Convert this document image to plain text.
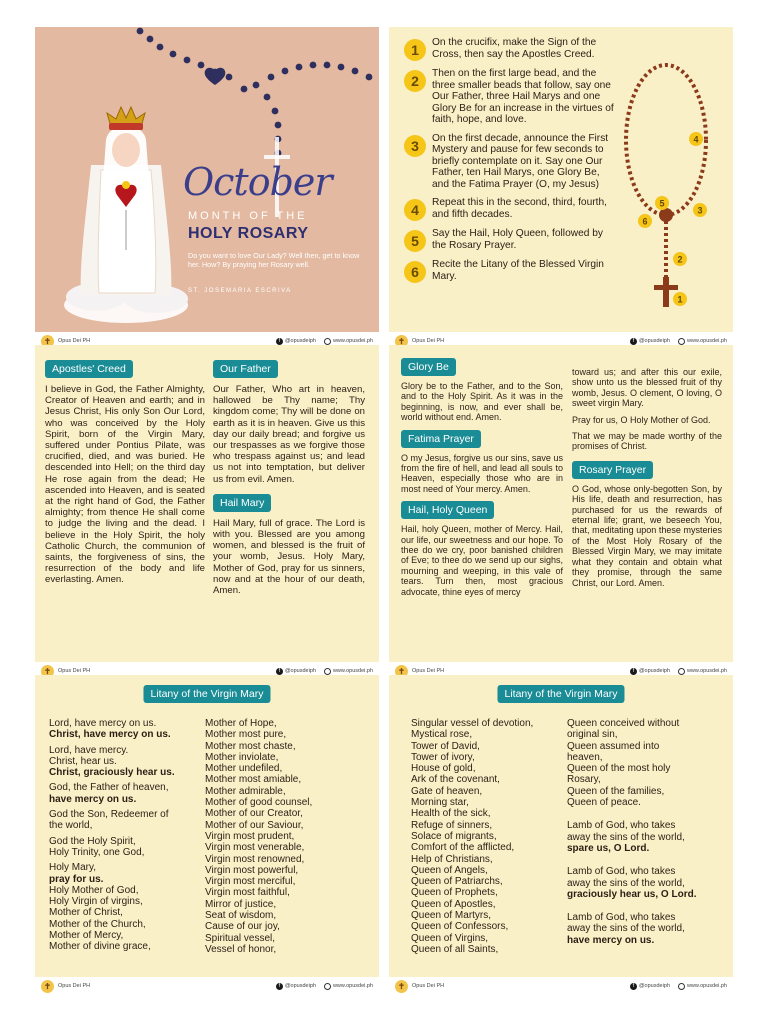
October
MONTH OF THE
HOLY ROSARY
Do you want to love Our Lady? Well then, get to know her. How? By praying her Rosary well.
ST. JOSEMARIA ESCRIVA
✝	Opus Dei PH	f @opusdeiph	www.opusdei.ph
1	On the crucifix, make the Sign of the Cross, then say the Apostles Creed.
2	Then on the first large bead, and the three smaller beads that follow, say one Our Father, three Hail Marys and one Glory Be for an increase in the virtues of faith, hope, and love.
3	On the first decade, announce the First Mystery and pause for few seconds to briefly contemplate on it. Say one Our Father, ten Hail Marys, one Glory Be, and the Fatima Prayer (O, my Jesus)
4	Repeat this in the second, third, fourth, and fifth decades.
5	Say the Hail, Holy Queen, followed by the Rosary Prayer.
6	Recite the Litany of the Blessed Virgin Mary.
4
5
3
6
2
1
✝	Opus Dei PH	f @opusdeiph	www.opusdei.ph
Apostles' Creed
I believe in God, the Father Almighty, Creator of Heaven and earth; and in Jesus Christ, His only Son Our Lord, who was conceived by the Holy Spirit, born of the Virgin Mary, suffered under Pontius Pilate, was crucified, died, and was buried. He descended into Hell; on the third day He rose again from the dead; He ascended into Heaven, and is seated at the right hand of God, the Father almighty; from thence He shall come to judge the living and the dead. I believe in the Holy Spirit, the holy Catholic Church, the communion of saints, the forgiveness of sins, the resurrection of the body and life everlasting. Amen.
Our Father
Our Father, Who art in heaven, hallowed be Thy name; Thy kingdom come; Thy will be done on earth as it is in heaven. Give us this day our daily bread; and forgive us our trespasses as we forgive those who trespass against us; and lead us not into temptation, but deliver us from evil. Amen.
Hail Mary
Hail Mary, full of grace. The Lord is with you. Blessed are you among women, and blessed is the fruit of your womb, Jesus. Holy Mary, Mother of God, pray for us sinners, now and at the hour of our death, Amen.
✝	Opus Dei PH	f @opusdeiph	www.opusdei.ph
Glory Be
Glory be to the Father, and to the Son, and to the Holy Spirit. As it was in the beginning, is now, and ever shall be, world without end. Amen.
Fatima Prayer
O my Jesus, forgive us our sins, save us from the fire of hell, and lead all souls to Heaven, especially those who are in most need of Your mercy. Amen.
Hail, Holy Queen
Hail, holy Queen, mother of Mercy. Hail, our life, our sweetness and our hope. To thee do we cry, poor banished children of Eve; to thee do we send up our sighs, mourning and weeping, in this vale of tears. Turn then, most gracious advocate, thine eyes of mercy
toward us; and after this our exile, show unto us the blessed fruit of thy womb, Jesus. O clement, O loving, O sweet virgin Mary.
Pray for us, O Holy Mother of God.
That we may be made worthy of the promises of Christ.
Rosary Prayer
O God, whose only-begotten Son, by His life, death and resurrection, has purchased for us the rewards of eternal life; grant, we beseech You, that, meditating upon these mysteries of the Most Holy Rosary of the Blessed Virgin Mary, we may imitate what they contain and obtain what they promise, through the same Christ, our Lord. Amen.
✝	Opus Dei PH	f @opusdeiph	www.opusdei.ph
Litany of the Virgin Mary
Lord, have mercy on us.
Christ, have mercy on us.
Lord, have mercy.
Christ, hear us.
Christ, graciously hear us.
God, the Father of heaven,
have mercy on us.
God the Son, Redeemer of
the world,
God the Holy Spirit,
Holy Trinity, one God,
Holy Mary,
pray for us.
Holy Mother of God,
Holy Virgin of virgins,
Mother of Christ,
Mother of the Church,
Mother of Mercy,
Mother of divine grace,
Mother of Hope,
Mother most pure,
Mother most chaste,
Mother inviolate,
Mother undefiled,
Mother most amiable,
Mother admirable,
Mother of good counsel,
Mother of our Creator,
Mother of our Saviour,
Virgin most prudent,
Virgin most venerable,
Virgin most renowned,
Virgin most powerful,
Virgin most merciful,
Virgin most faithful,
Mirror of justice,
Seat of wisdom,
Cause of our joy,
Spiritual vessel,
Vessel of honor,
✝	Opus Dei PH	f @opusdeiph	www.opusdei.ph
Litany of the Virgin Mary
Singular vessel of devotion,
Mystical rose,
Tower of David,
Tower of ivory,
House of gold,
Ark of the covenant,
Gate of heaven,
Morning star,
Health of the sick,
Refuge of sinners,
Solace of migrants,
Comfort of the afflicted,
Help of Christians,
Queen of Angels,
Queen of Patriarchs,
Queen of Prophets,
Queen of Apostles,
Queen of Martyrs,
Queen of Confessors,
Queen of Virgins,
Queen of all Saints,
Queen conceived without
original sin,
Queen assumed into
heaven,
Queen of the most holy
Rosary,
Queen of the families,
Queen of peace.
Lamb of God, who takes
away the sins of the world,
spare us, O Lord.
Lamb of God, who takes
away the sins of the world,
graciously hear us, O Lord.
Lamb of God, who takes
away the sins of the world,
have mercy on us.
✝	Opus Dei PH	f @opusdeiph	www.opusdei.ph
